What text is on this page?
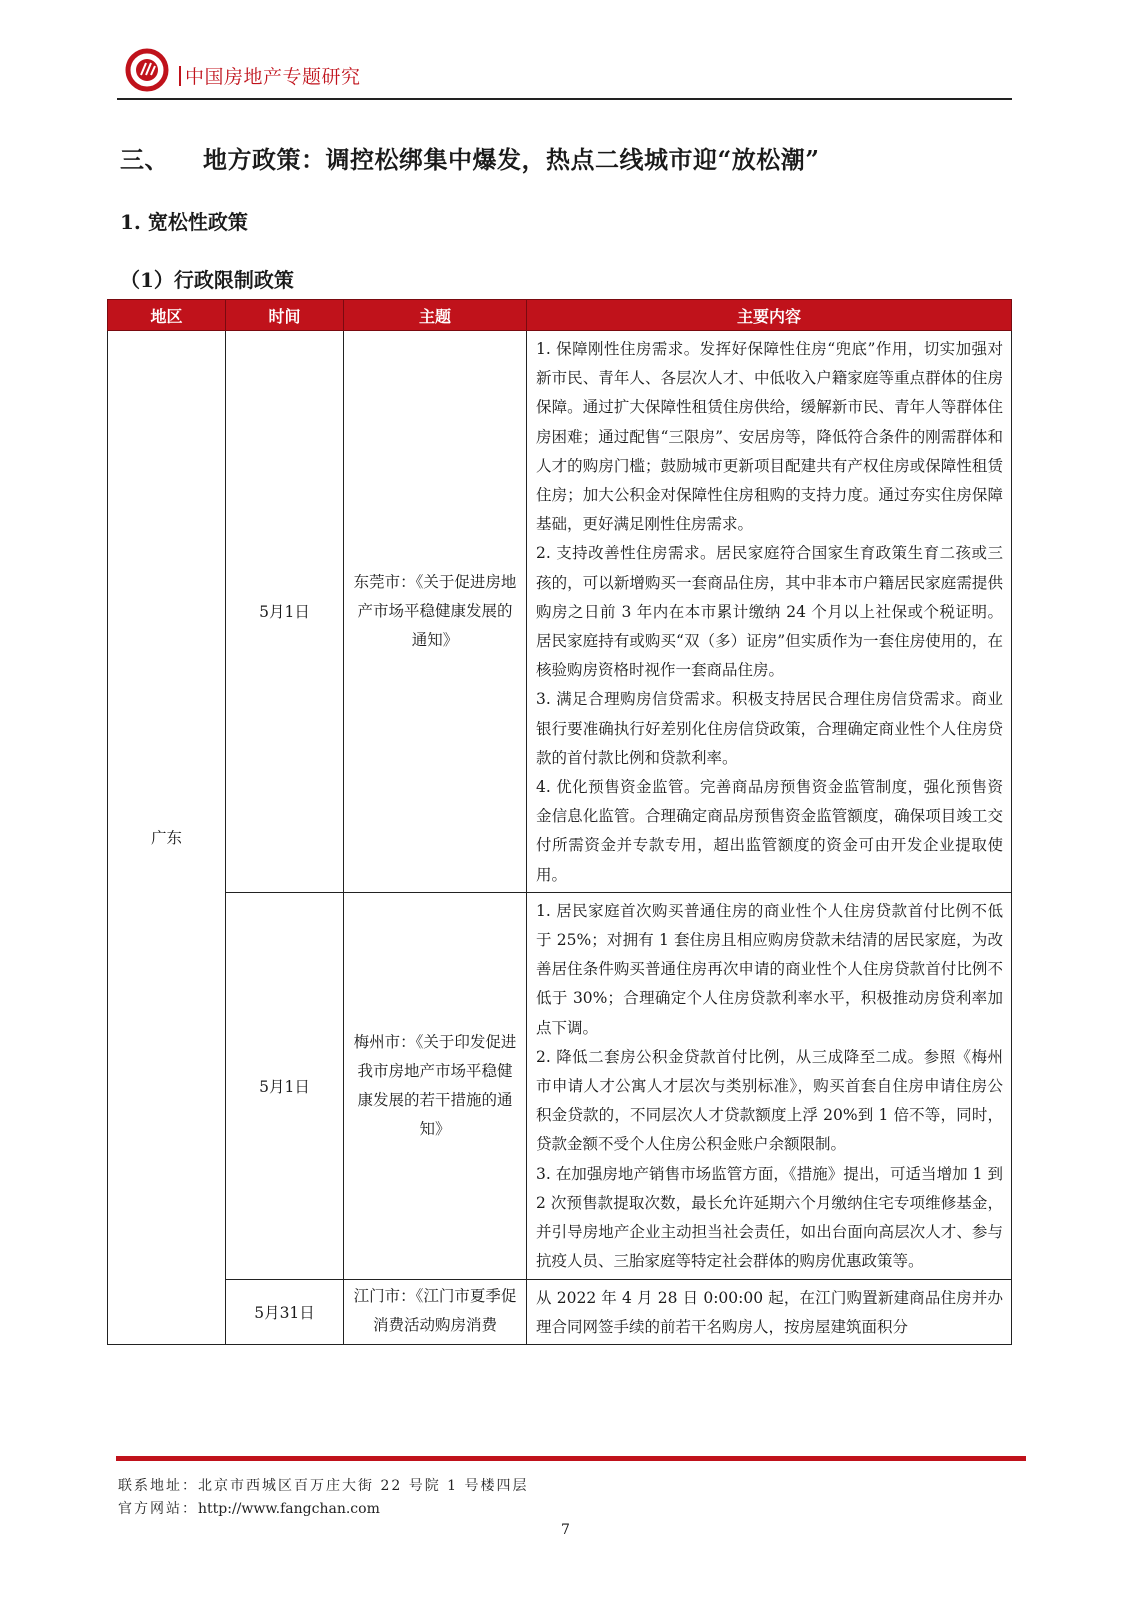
中国房地产专题研究
三、 地方政策：调控松绑集中爆发，热点二线城市迎“放松潮”
1. 宽松性政策
（1）行政限制政策
地区	时间	主题	主要内容
广东	5月1日	东莞市：《关于促进房地产市场平稳健康发展的通知》	1. 保障刚性住房需求。发挥好保障性住房“兜底”作用，切实加强对新市民、青年人、各层次人才、中低收入户籍家庭等重点群体的住房保障。通过扩大保障性租赁住房供给，缓解新市民、青年人等群体住房困难；通过配售“三限房”、安居房等，降低符合条件的刚需群体和人才的购房门槛；鼓励城市更新项目配建共有产权住房或保障性租赁住房；加大公积金对保障性住房租购的支持力度。通过夯实住房保障基础，更好满足刚性住房需求。

2. 支持改善性住房需求。居民家庭符合国家生育政策生育二孩或三孩的，可以新增购买一套商品住房，其中非本市户籍居民家庭需提供购房之日前 3 年内在本市累计缴纳 24 个月以上社保或个税证明。居民家庭持有或购买“双（多）证房”但实质作为一套住房使用的，在核验购房资格时视作一套商品住房。

3. 满足合理购房信贷需求。积极支持居民合理住房信贷需求。商业银行要准确执行好差别化住房信贷政策，合理确定商业性个人住房贷款的首付款比例和贷款利率。

4. 优化预售资金监管。完善商品房预售资金监管制度，强化预售资金信息化监管。合理确定商品房预售资金监管额度，确保项目竣工交付所需资金并专款专用，超出监管额度的资金可由开发企业提取使用。

	5月1日	梅州市：《关于印发促进我市房地产市场平稳健康发展的若干措施的通知》	1. 居民家庭首次购买普通住房的商业性个人住房贷款首付比例不低于 25%；对拥有 1 套住房且相应购房贷款未结清的居民家庭，为改善居住条件购买普通住房再次申请的商业性个人住房贷款首付比例不低于 30%；合理确定个人住房贷款利率水平，积极推动房贷利率加点下调。

2. 降低二套房公积金贷款首付比例，从三成降至二成。参照《梅州市申请人才公寓人才层次与类别标准》，购买首套自住房申请住房公积金贷款的，不同层次人才贷款额度上浮 20%到 1 倍不等，同时，贷款金额不受个人住房公积金账户余额限制。

3. 在加强房地产销售市场监管方面，《措施》提出，可适当增加 1 到 2 次预售款提取次数，最长允许延期六个月缴纳住宅专项维修基金，并引导房地产企业主动担当社会责任，如出台面向高层次人才、参与抗疫人员、三胎家庭等特定社会群体的购房优惠政策等。

	5月31日	江门市：《江门市夏季促消费活动购房消费	从 2022 年 4 月 28 日 0:00:00 起，在江门购置新建商品住房并办理合同网签手续的前若干名购房人，按房屋建筑面积分

联系地址：北京市西城区百万庄大街 22 号院 1 号楼四层
官方网站：http://www.fangchan.com
7
